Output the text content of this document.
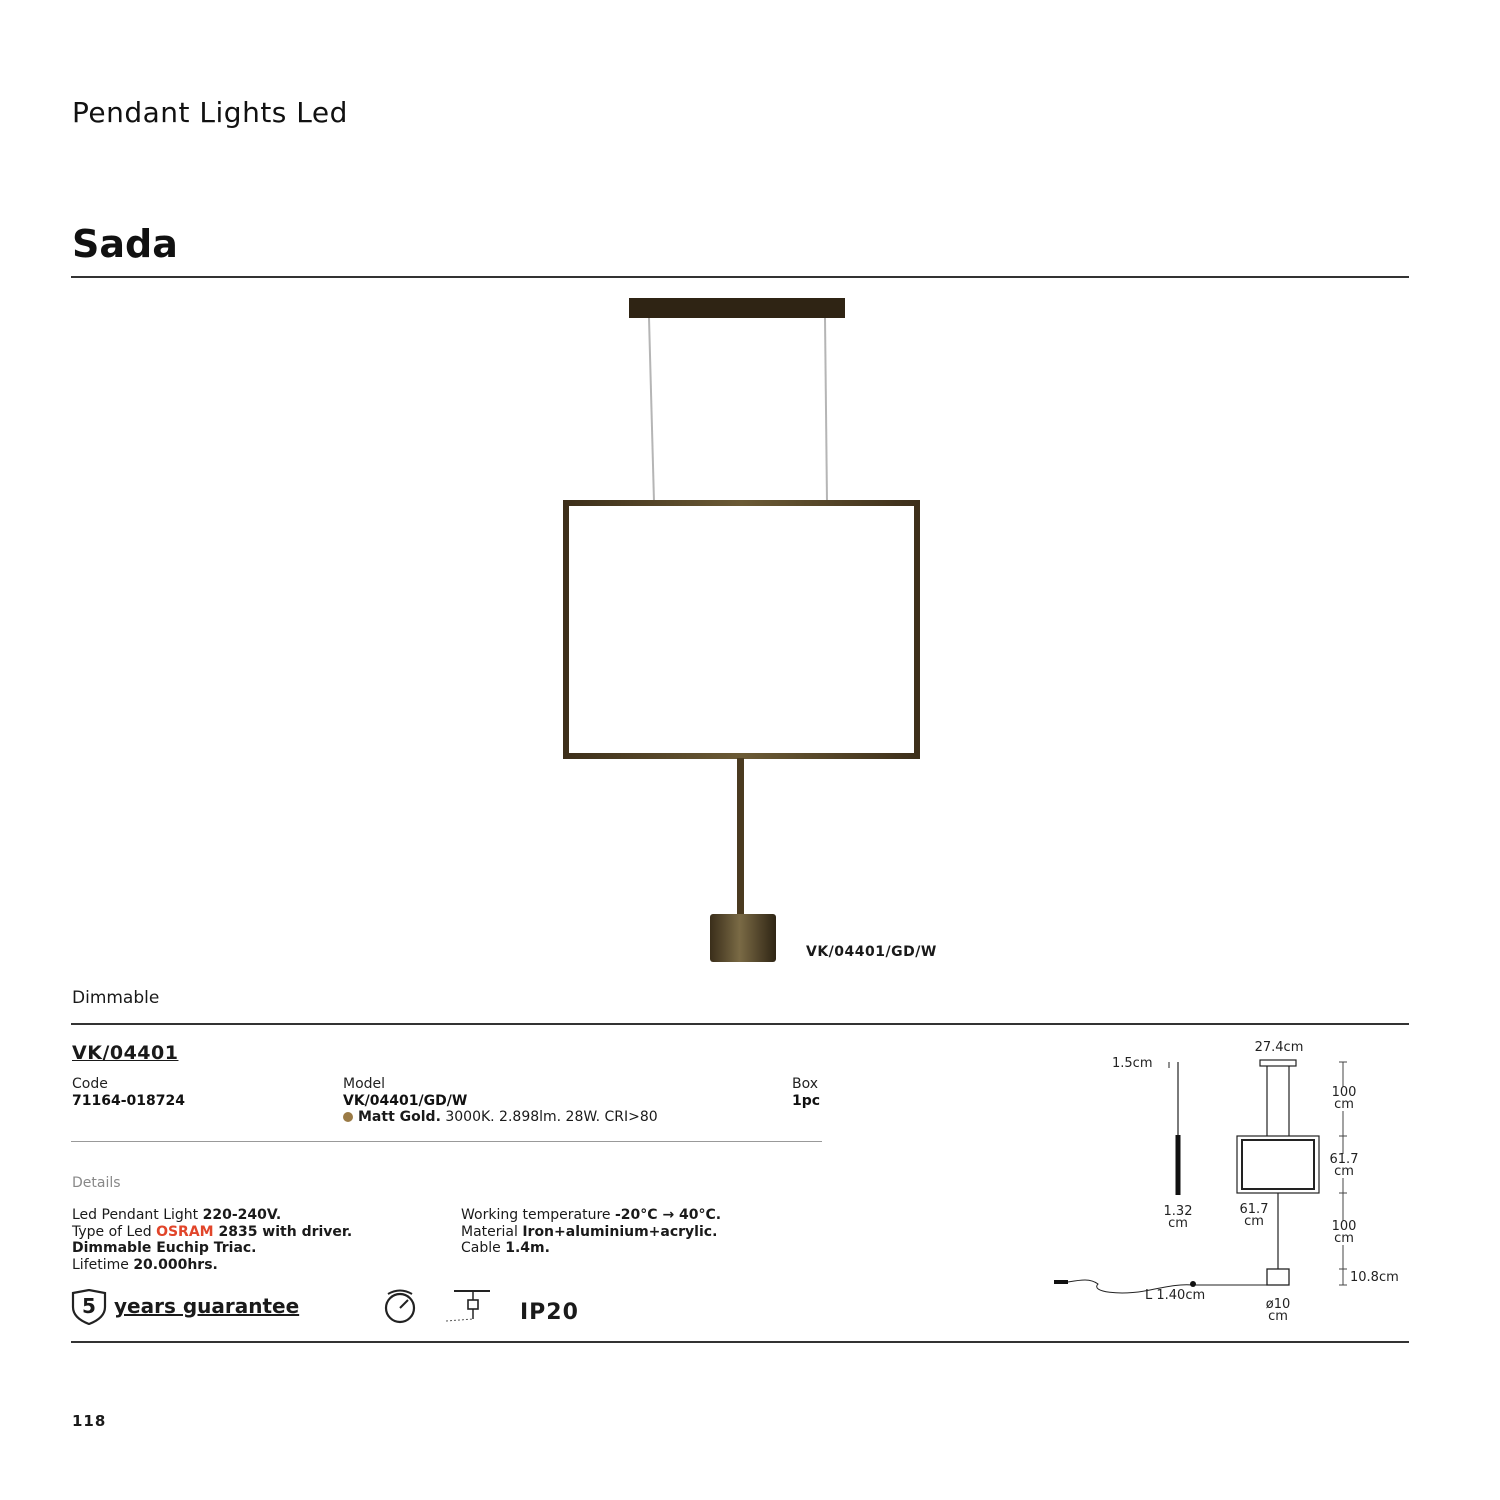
Pendant Lights Led
Sada
VK/04401/GD/W
Dimmable
VK/04401
Code
71164-018724
Model
VK/04401/GD/W
Matt Gold. 3000K. 2.898lm. 28W. CRI>80
Box
1pc
Details
Led Pendant Light 220-240V.
Type of Led OSRAM 2835 with driver.
Dimmable Euchip Triac.
Lifetime 20.000hrs.
Working temperature -20°C → 40°C.
Material Iron+aluminium+acrylic.
Cable 1.4m.
5 years guarantee	IP20
1.5cm
1.32
cm
27.4cm
100
cm
61.7
cm
61.7
cm	100
cm
10.8cm
L 1.40cm
ø10
cm
118
